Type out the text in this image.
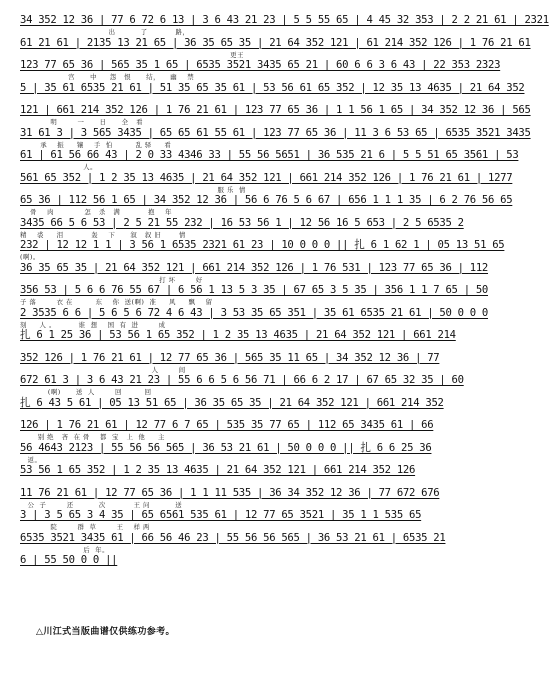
34 352 12 36 | 77 6 72 6 13 | 3 6 43 21 23 | 5 5 55 65 | 4 45 32 353 | 2 2 21 61 | 2321
出          了           路，
61 21 61 | 2135 13 21 65 | 36 35 65 35 | 21 64 352 121 | 61 214 352 126 | 1 76 21 61
更王
123 77 65 36 | 565 35 1 65 | 6535 3521 3435 65 21 | 60 6 6 3 6 43 | 22 353 2323
宫      中     怨   恨      结，    幽    禁
5 | 35 61 6535 21 61 | 51 35 65 35 61 | 53 56 61 65 352 | 12 35 13 4635 | 21 64 352
121 | 661 214 352 126 | 1 76 21 61 | 123 77 65 36 | 1 1 56 1 65 | 34 352 12 36 | 565
明        一      日      全   看
31 61 3 | 3 565 3435 | 65 65 61 55 61 | 123 77 65 36 | 11 3 6 53 65 | 6535 3521 3435
承    振     镶    手  怕         乱 驿     看
61 | 61 56 66 43 | 2 0 33 4346 33 | 55 56 5651 | 36 535 21 6 | 5 5 51 65 3561 | 53
人。
561 65 352 | 1 2 35 13 4635 | 21 64 352 121 | 661 214 352 126 | 1 76 21 61 | 1277
服 乐  情
65 36 | 112 56 1 65 | 34 352 12 36 | 56 6 76 5 6 67 | 656 1 1 1 35 | 6 2 76 56 65
骨    肉            怎   杀   满           抱    年
3435 66 5 6 53 | 2 5 21 55 232 | 16 53 56 1 | 12 56 16 5 653 | 2 5 6535 2
精    裘     泪           轰    下      叙   叙 旧       情
232 | 12 12 1 1 | 3 56 1 6535 2321 61 23 | 10 0 0 0 || 扎 6 1 62 1 | 05 13 51 65
(啊)。
36 35 65 35 | 21 64 352 121 | 661 214 352 126 | 1 76 531 | 123 77 65 36 | 112
打 坏        好
356 53 | 5 6 6 76 55 67 | 6 56 1 13 5 3 35 | 67 65 3 5 35 | 356 1 1 7 65 | 50
子 落        衣 在         东    你  送(啊)  准     风     飘    留
2 3535 6 6 | 5 6 5 6 72 4 6 43 | 3 53 35 65 351 | 35 61 6535 21 61 | 50 0 0 0
刻     人 。         谁  想    国  有  进        成
扎 6 1 25 36 | 53 56 1 65 352 | 1 2 35 13 4635 | 21 64 352 121 | 661 214
352 126 | 1 76 21 61 | 12 77 65 36 | 565 35 11 65 | 34 352 12 36 | 77
人        间
672 61 3 | 3 6 43 21 23 | 55 6 6 5 6 56 71 | 66 6 2 17 | 67 65 32 35 | 60
(啊)      送  人        回         回
扎 6 43 5 61 | 05 13 51 65 | 36 35 65 35 | 21 64 352 121 | 661 214 352
126 | 1 76 21 61 | 12 77 6 7 65 | 535 35 77 65 | 112 65 3435 61 | 66
别 绝   吝  在 骨    都  宝   上  他     主
56 4643 2123 | 55 56 56 565 | 36 53 21 61 | 50 0 0 0 || 扎 6 6 25 36
返。
53 56 1 65 352 | 1 2 35 13 4635 | 21 64 352 121 | 661 214 352 126
11 76 21 61 | 12 77 65 36 | 1 1 11 535 | 36 34 352 12 36 | 77 672 676
公  子        还          次           王 问          送
3 | 3 5 65 3 4 35 | 65 6561 535 61 | 12 77 65 3521 | 35 1 1 535 65
院        群  草        王    样 两
6535 3521 3435 61 | 66 56 46 23 | 55 56 56 565 | 36 53 21 61 | 6535 21
后  年。
6 | 55 50 0 0 ||
△川江式当版曲谱仅供练功参考。
